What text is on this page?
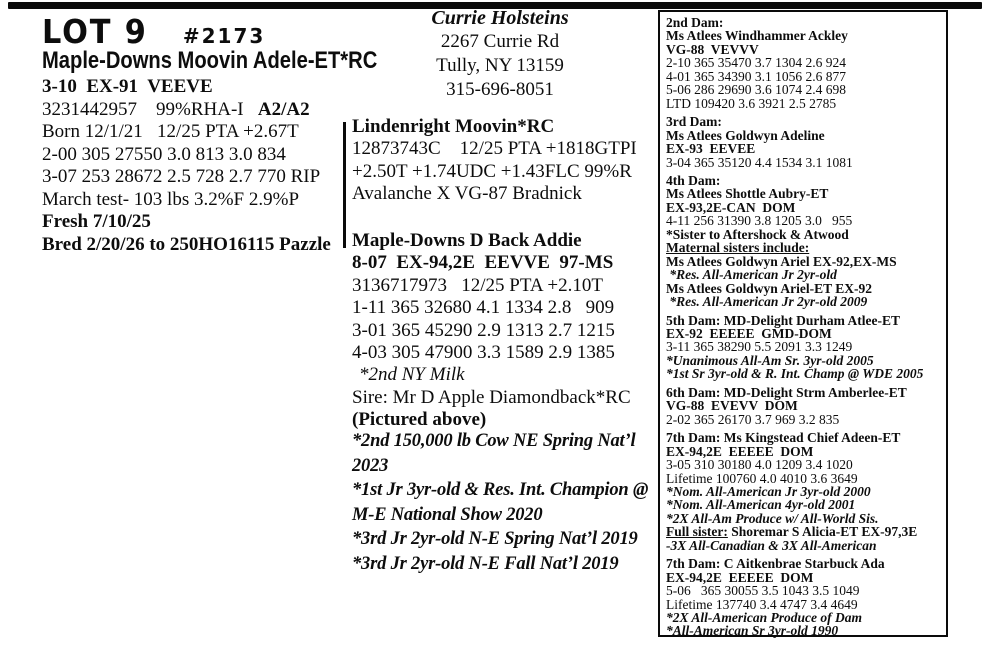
LOT 9 #2173
Maple-Downs Moovin Adele-ET*RC
3-10  EX-91  VEEVE
3231442957 99%RHA-I A2/A2
Born 12/1/21   12/25 PTA +2.67T
2-00 305 27550 3.0 813 3.0 834
3-07 253 28672 2.5 728 2.7 770 RIP
March test- 103 lbs 3.2%F 2.9%P
Fresh 7/10/25
Bred 2/20/26 to 250HO16115 Pazzle
Currie Holsteins
2267 Currie Rd
Tully, NY 13159
315-696-8051
Lindenright Moovin*RC
12873743C    12/25 PTA +1818GTPI
+2.50T +1.74UDC +1.43FLC 99%R
Avalanche X VG-87 Bradnick
Maple-Downs D Back Addie
8-07  EX-94,2E  EEVVE  97-MS
3136717973   12/25 PTA +2.10T
1-11 365 32680 4.1 1334 2.8   909
3-01 365 45290 2.9 1313 2.7 1215
4-03 305 47900 3.3 1589 2.9 1385
*2nd NY Milk
Sire: Mr D Apple Diamondback*RC
(Pictured above)
*2nd 150,000 lb Cow NE Spring Nat’l 2023
*1st Jr 3yr-old & Res. Int. Champion @ M-E National Show 2020
*3rd Jr 2yr-old N-E Spring Nat’l 2019
*3rd Jr 2yr-old N-E Fall Nat’l 2019
2nd Dam:
Ms Atlees Windhammer Ackley
VG-88  VEVVV
2-10 365 35470 3.7 1304 2.6 924
4-01 365 34390 3.1 1056 2.6 877
5-06 286 29690 3.6 1074 2.4 698
LTD 109420 3.6 3921 2.5 2785
3rd Dam:
Ms Atlees Goldwyn Adeline
EX-93  EEVEE
3-04 365 35120 4.4 1534 3.1 1081
4th Dam:
Ms Atlees Shottle Aubry-ET
EX-93,2E-CAN  DOM
4-11 256 31390 3.8 1205 3.0   955
*Sister to Aftershock & Atwood
Maternal sisters include:
Ms Atlees Goldwyn Ariel EX-92,EX-MS
*Res. All-American Jr 2yr-old
Ms Atlees Goldwyn Ariel-ET EX-92
*Res. All-American Jr 2yr-old 2009
5th Dam: MD-Delight Durham Atlee-ET
EX-92  EEEEE  GMD-DOM
3-11 365 38290 5.5 2091 3.3 1249
*Unanimous All-Am Sr. 3yr-old 2005
*1st Sr 3yr-old & R. Int. Champ @ WDE 2005
6th Dam: MD-Delight Strm Amberlee-ET
VG-88  EVEVV  DOM
2-02 365 26170 3.7 969 3.2 835
7th Dam: Ms Kingstead Chief Adeen-ET
EX-94,2E  EEEEE  DOM
3-05 310 30180 4.0 1209 3.4 1020
Lifetime 100760 4.0 4010 3.6 3649
*Nom. All-American Jr 3yr-old 2000
*Nom. All-American 4yr-old 2001
*2X All-Am Produce w/ All-World Sis.
Full sister: Shoremar S Alicia-ET EX-97,3E
-3X All-Canadian & 3X All-American
7th Dam: C Aitkenbrae Starbuck Ada
EX-94,2E  EEEEE  DOM
5-06   365 30055 3.5 1043 3.5 1049
Lifetime 137740 3.4 4747 3.4 4649
*2X All-American Produce of Dam
*All-American Sr 3yr-old 1990
